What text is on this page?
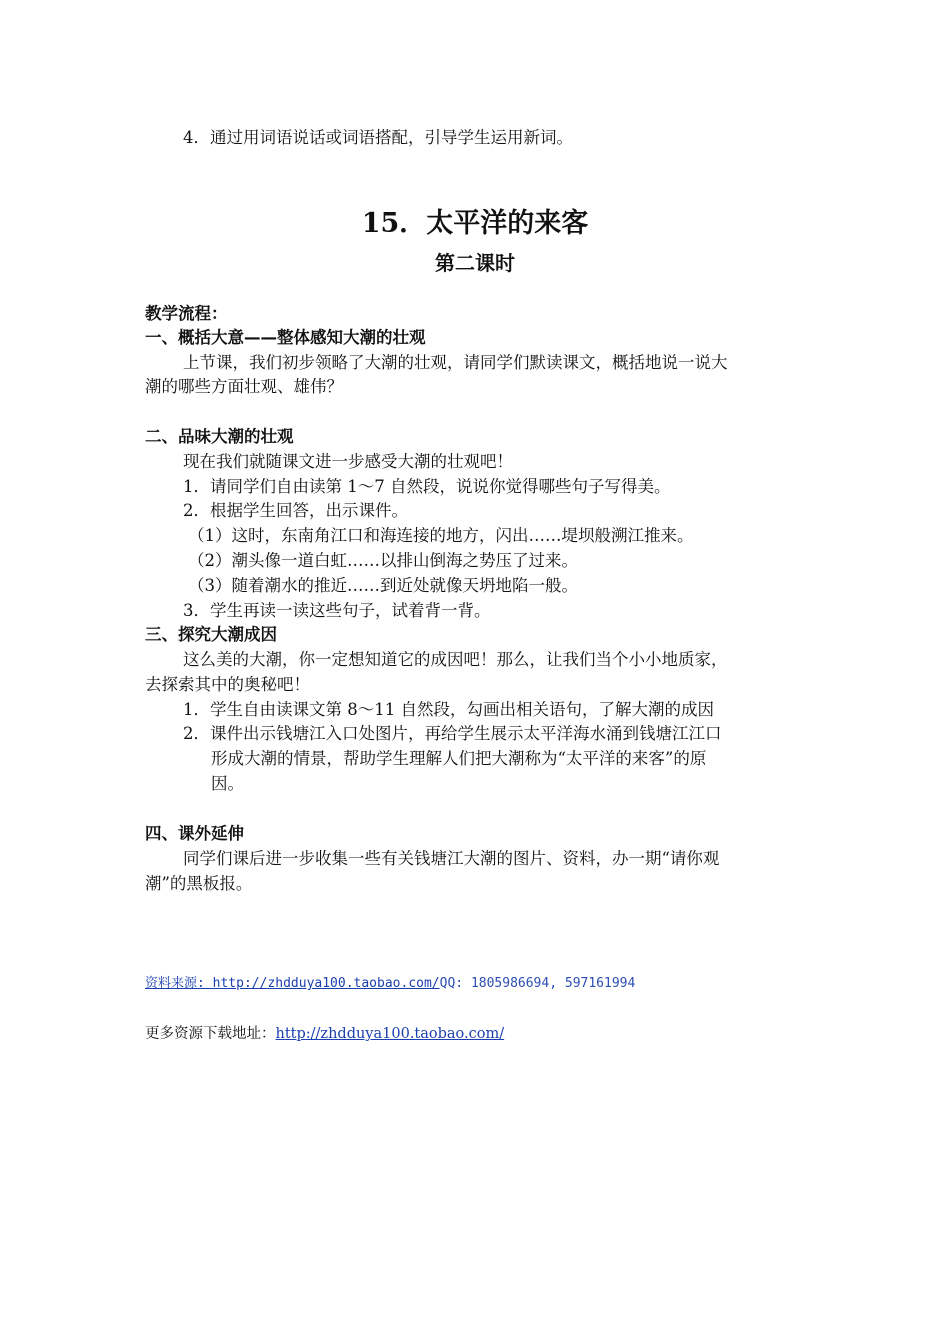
4．通过用词语说话或词语搭配，引导学生运用新词。
15．太平洋的来客
第二课时
教学流程：
一、概括大意——整体感知大潮的壮观
上节课，我们初步领略了大潮的壮观，请同学们默读课文，概括地说一说大
潮的哪些方面壮观、雄伟？
二、品味大潮的壮观
现在我们就随课文进一步感受大潮的壮观吧！
1．请同学们自由读第 1～7 自然段，说说你觉得哪些句子写得美。
2．根据学生回答，出示课件。
（1）这时，东南角江口和海连接的地方，闪出……堤坝般溯江推来。
（2）潮头像一道白虹……以排山倒海之势压了过来。
（3）随着潮水的推近……到近处就像天坍地陷一般。
3．学生再读一读这些句子，试着背一背。
三、探究大潮成因
这么美的大潮，你一定想知道它的成因吧！那么，让我们当个小小地质家，
去探索其中的奥秘吧！
1．学生自由读课文第 8～11 自然段，勾画出相关语句，了解大潮的成因
2．课件出示钱塘江入口处图片，再给学生展示太平洋海水涌到钱塘江江口
形成大潮的情景，帮助学生理解人们把大潮称为“太平洋的来客”的原
因。
四、课外延伸
同学们课后进一步收集一些有关钱塘江大潮的图片、资料，办一期“请你观
潮”的黑板报。
资料来源: http://zhdduya100.taobao.com/QQ: 1805986694, 597161994
更多资源下载地址：http://zhdduya100.taobao.com/
